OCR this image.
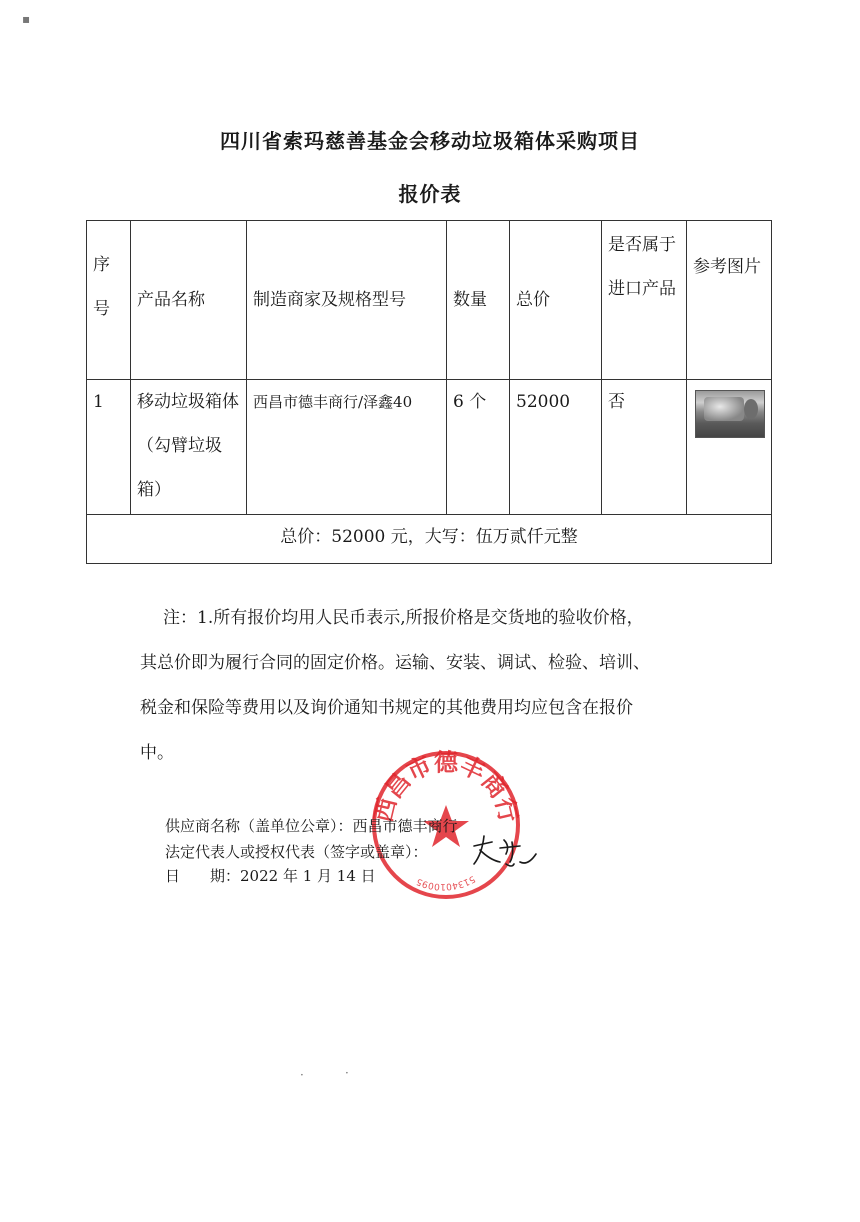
四川省索玛慈善基金会移动垃圾箱体采购项目
报价表
序号	产品名称	制造商家及规格型号	数量	总价	是否属于进口产品	参考图片
1	移动垃圾箱体（勾臂垃圾箱）	西昌市德丰商行/泽鑫40	6 个	52000	否	

总价：52000 元，大写：伍万贰仟元整						
注：1.所有报价均用人民币表示,所报价格是交货地的验收价格，
其总价即为履行合同的固定价格。运输、安装、调试、检验、培训、
税金和保险等费用以及询价通知书规定的其他费用均应包含在报价
中。
西昌市德丰商行
5134010095
供应商名称（盖单位公章）：西昌市德丰商行
法定代表人或授权代表（签字或盖章）：
日　　期：2022 年 1 月 14 日
▪
·	·
